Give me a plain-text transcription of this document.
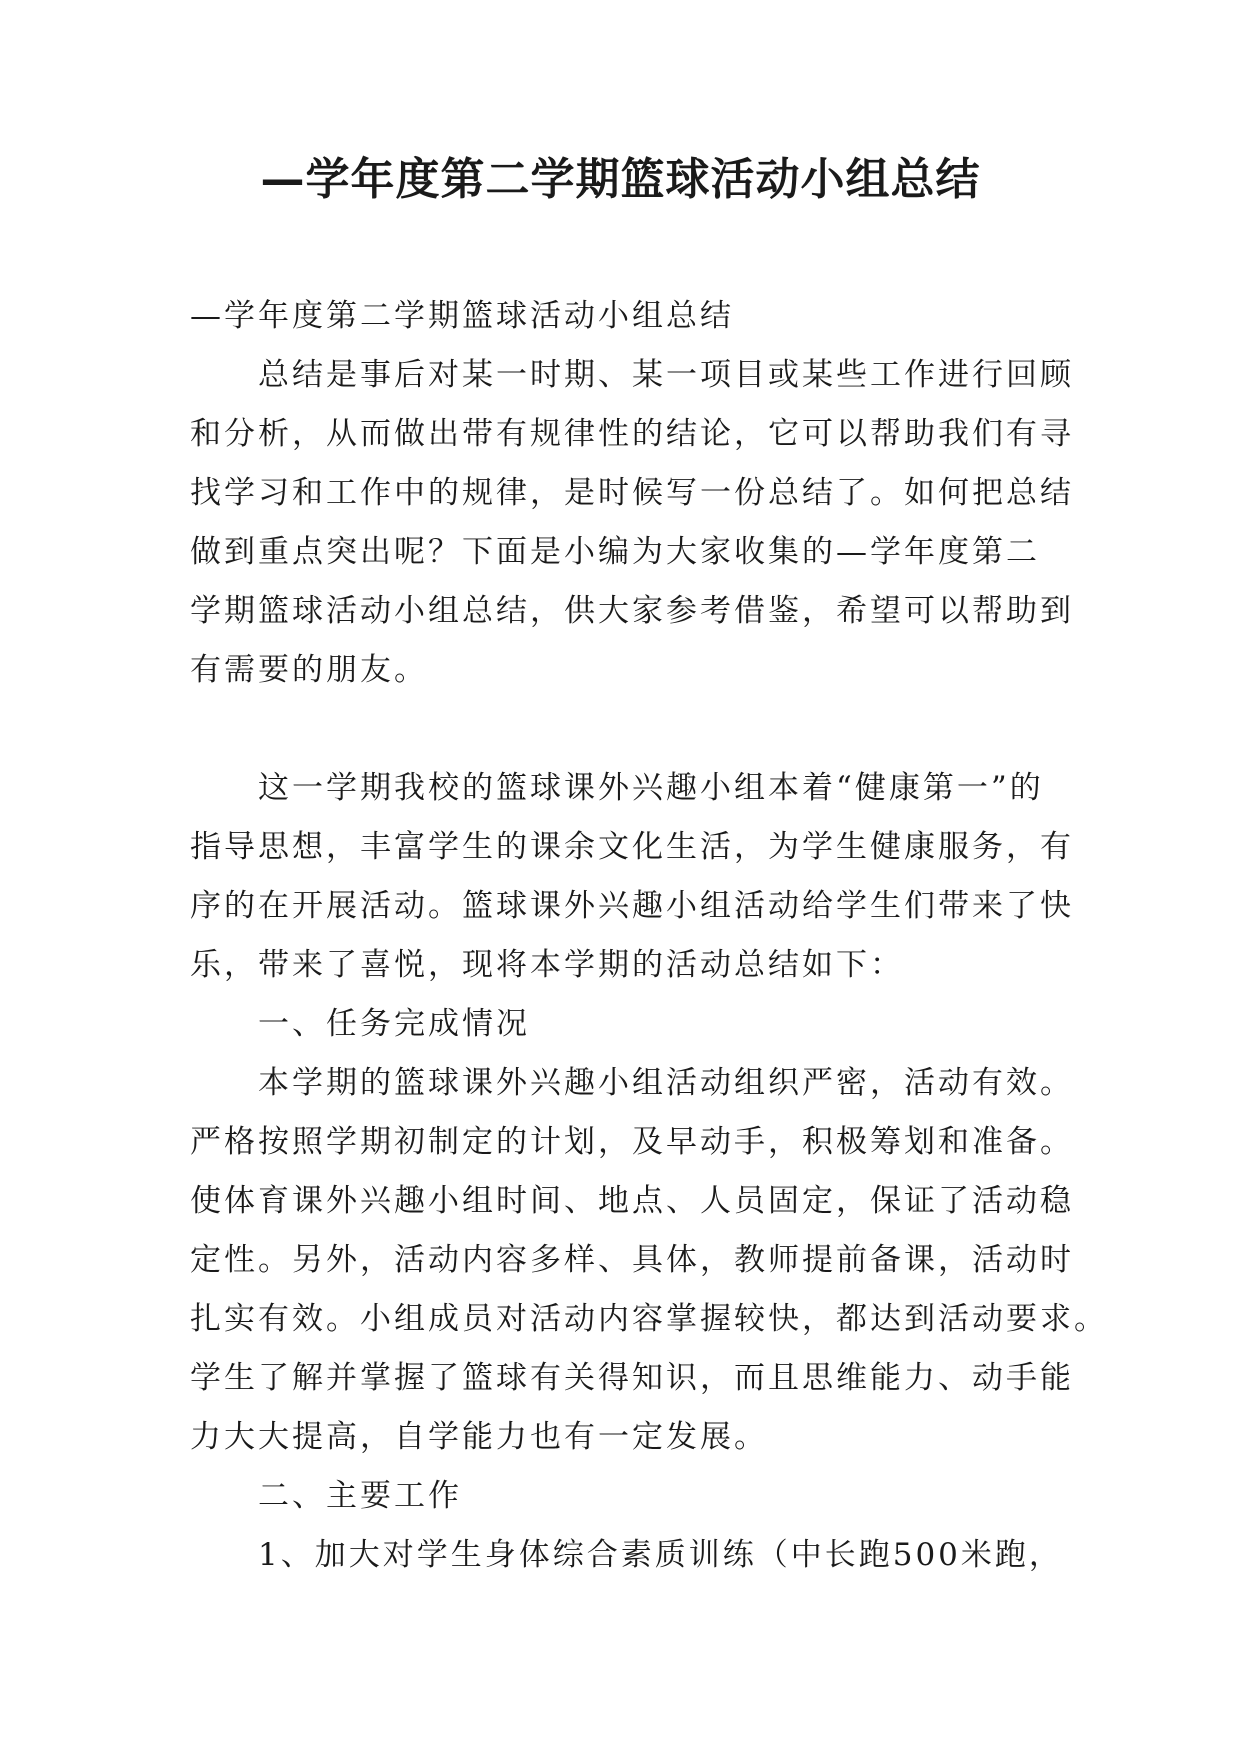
—学年度第二学期篮球活动小组总结

—学年度第二学期篮球活动小组总结

总结是事后对某一时期、某一项目或某些工作进行回顾

和分析，从而做出带有规律性的结论，它可以帮助我们有寻

找学习和工作中的规律，是时候写一份总结了。如何把总结

做到重点突出呢？下面是小编为大家收集的—学年度第二

学期篮球活动小组总结，供大家参考借鉴，希望可以帮助到

有需要的朋友。

这一学期我校的篮球课外兴趣小组本着“健康第一”的

指导思想，丰富学生的课余文化生活，为学生健康服务，有

序的在开展活动。篮球课外兴趣小组活动给学生们带来了快

乐，带来了喜悦，现将本学期的活动总结如下：

一、任务完成情况

本学期的篮球课外兴趣小组活动组织严密，活动有效。

严格按照学期初制定的计划，及早动手，积极筹划和准备。

使体育课外兴趣小组时间、地点、人员固定，保证了活动稳

定性。另外，活动内容多样、具体，教师提前备课，活动时

扎实有效。小组成员对活动内容掌握较快，都达到活动要求。

学生了解并掌握了篮球有关得知识，而且思维能力、动手能

力大大提高，自学能力也有一定发展。

二、主要工作

1、加大对学生身体综合素质训练（中长跑500米跑，
